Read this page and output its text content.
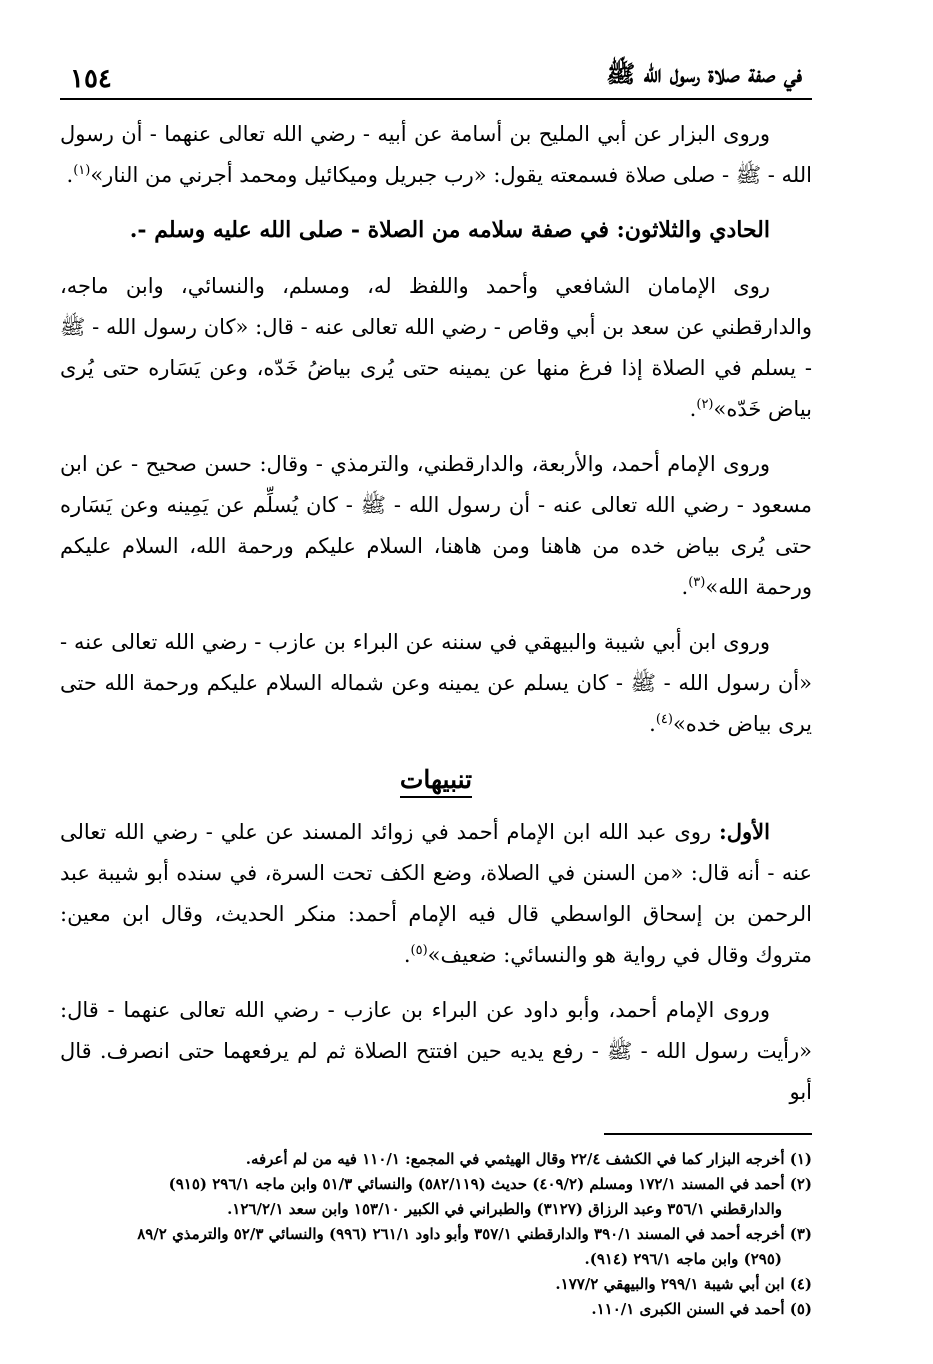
في صفة صلاة رسول الله ﷺ
١٥٤

وروى البزار عن أبي المليح بن أسامة عن أبيه - رضي الله تعالى عنهما - أن رسول الله - ﷺ - صلى صلاة فسمعته يقول: «رب جبريل وميكائيل ومحمد أجرني من النار»$^{(١)}$.

الحادي والثلاثون: في صفة سلامه من الصلاة - صلى الله عليه وسلم -.

روى الإمامان الشافعي وأحمد واللفظ له، ومسلم، والنسائي، وابن ماجه، والدارقطني عن سعد بن أبي وقاص - رضي الله تعالى عنه - قال: «كان رسول الله - ﷺ - يسلم في الصلاة إذا فرغ منها عن يمينه حتى يُرى بياضُ خَدّه، وعن يَسَاره حتى يُرى بياض خَدّه»$^{(٢)}$.

وروى الإمام أحمد، والأربعة، والدارقطني، والترمذي - وقال: حسن صحيح - عن ابن مسعود - رضي الله تعالى عنه - أن رسول الله - ﷺ - كان يُسلِّم عن يَمِينه وعن يَسَاره حتى يُرى بياض خده من هاهنا ومن هاهنا، السلام عليكم ورحمة الله، السلام عليكم ورحمة الله»$^{(٣)}$.

وروى ابن أبي شيبة والبيهقي في سننه عن البراء بن عازب - رضي الله تعالى عنه - «أن رسول الله - ﷺ - كان يسلم عن يمينه وعن شماله السلام عليكم ورحمة الله حتى يرى بياض خده»$^{(٤)}$.

تنبيهات

الأول: روى عبد الله ابن الإمام أحمد في زوائد المسند عن علي - رضي الله تعالى عنه - أنه قال: «من السنن في الصلاة، وضع الكف تحت السرة، في سنده أبو شيبة عبد الرحمن بن إسحاق الواسطي قال فيه الإمام أحمد: منكر الحديث، وقال ابن معين: متروك وقال في رواية هو والنسائي: ضعيف»$^{(٥)}$.

وروى الإمام أحمد، وأبو داود عن البراء بن عازب - رضي الله تعالى عنهما - قال: «رأيت رسول الله - ﷺ - رفع يديه حين افتتح الصلاة ثم لم يرفعهما حتى انصرف. قال أبو

(١) أخرجه البزار كما في الكشف ٢٢/٤ وقال الهيثمي في المجمع: ١١٠/١ فيه من لم أعرفه.

(٢) أحمد في المسند ١٧٢/١ ومسلم (٤٠٩/٢) حديث (٥٨٢/١١٩) والنسائي ٥١/٣ وابن ماجه ٢٩٦/١ (٩١٥)

والدارقطني ٣٥٦/١ وعبد الرزاق (٣١٢٧) والطبراني في الكبير ١٥٣/١٠ وابن سعد ١٢٦/٢/١.

(٣) أخرجه أحمد في المسند ٣٩٠/١ والدارقطني ٣٥٧/١ وأبو داود ٢٦١/١ (٩٩٦) والنسائي ٥٢/٣ والترمذي ٨٩/٢

(٢٩٥) وابن ماجه ٢٩٦/١ (٩١٤).

(٤) ابن أبي شيبة ٢٩٩/١ والبيهقي ١٧٧/٢.

(٥) أحمد في السنن الكبرى ١١٠/١.
